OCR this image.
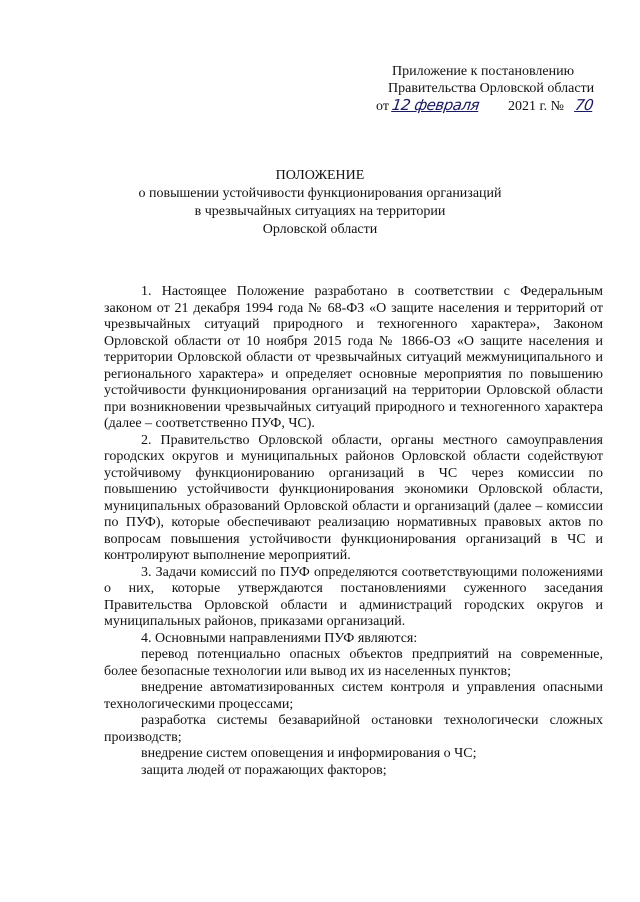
Приложение к постановлению
Правительства Орловской области
от 12 февраля 2021 г. № 70
ПОЛОЖЕНИЕ
о повышении устойчивости функционирования организаций
в чрезвычайных ситуациях на территории
Орловской области

1. Настоящее Положение разработано в соответствии с Федеральным законом от 21 декабря 1994 года № 68-ФЗ «О защите населения и территорий от чрезвычайных ситуаций природного и техногенного характера», Законом Орловской области от 10 ноября 2015 года № 1866-ОЗ «О защите населения и территории Орловской области от чрезвычайных ситуаций межмуниципального и регионального характера» и определяет основные мероприятия по повышению устойчивости функционирования организаций на территории Орловской области при возникновении чрезвычайных ситуаций природного и техногенного характера (далее – соответственно ПУФ, ЧС).

2. Правительство Орловской области, органы местного самоуправления городских округов и муниципальных районов Орловской области содействуют устойчивому функционированию организаций в ЧС через комиссии по повышению устойчивости функционирования экономики Орловской области, муниципальных образований Орловской области и организаций (далее – комиссии по ПУФ), которые обеспечивают реализацию нормативных правовых актов по вопросам повышения устойчивости функционирования организаций в ЧС и контролируют выполнение мероприятий.

3. Задачи комиссий по ПУФ определяются соответствующими положениями о них, которые утверждаются постановлениями суженного заседания Правительства Орловской области и администраций городских округов и муниципальных районов, приказами организаций.

4. Основными направлениями ПУФ являются:

перевод потенциально опасных объектов предприятий на современные, более безопасные технологии или вывод их из населенных пунктов;

внедрение автоматизированных систем контроля и управления опасными технологическими процессами;

разработка системы безаварийной остановки технологически сложных производств;

внедрение систем оповещения и информирования о ЧС;

защита людей от поражающих факторов;
